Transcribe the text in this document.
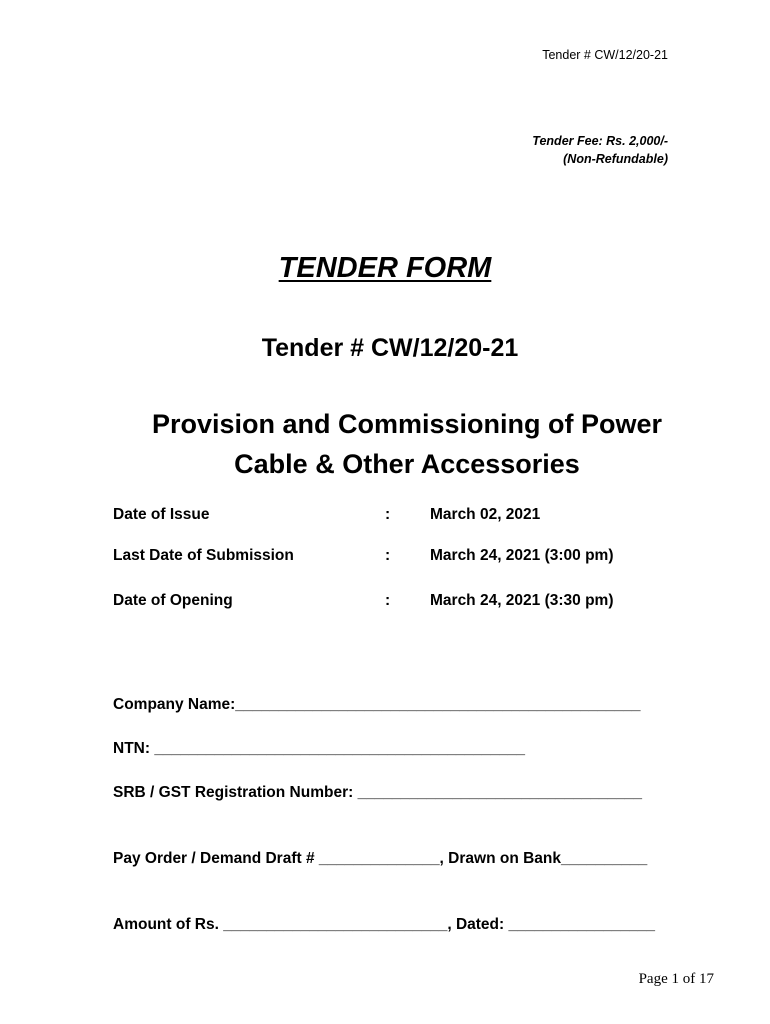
Tender # CW/12/20-21
Tender Fee: Rs. 2,000/-
(Non-Refundable)
TENDER FORM
Tender # CW/12/20-21
Provision and Commissioning of Power
Cable & Other Accessories
Date of Issue	:	March 02, 2021
Last Date of Submission	:	March 24, 2021 (3:00 pm)
Date of Opening	:	March 24, 2021 (3:30 pm)
Company Name:_______________________________________________
NTN: ___________________________________________
SRB / GST Registration Number: _________________________________
Pay Order / Demand Draft # ______________, Drawn on Bank__________
Amount of Rs. __________________________, Dated: _________________
Page 1 of 17
